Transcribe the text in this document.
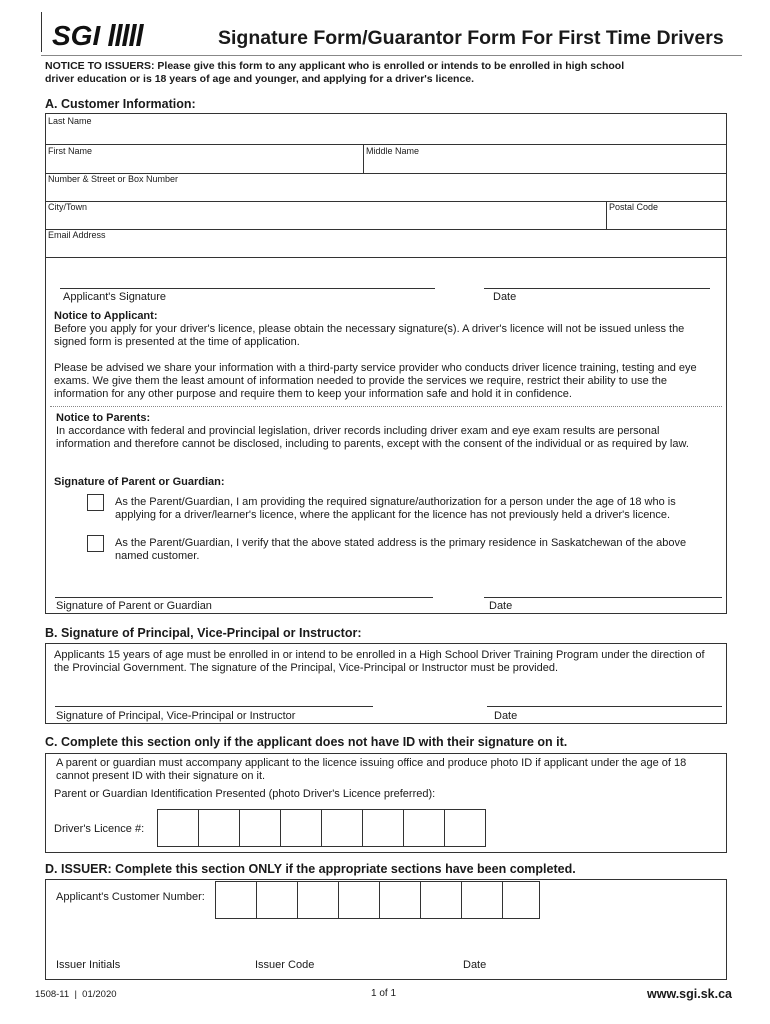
SGI	Signature Form/Guarantor Form For First Time Drivers
NOTICE TO ISSUERS: Please give this form to any applicant who is enrolled or intends to be enrolled in high school driver education or is 18 years of age and younger, and applying for a driver's licence.
A. Customer Information:
Last Name
First Name	Middle Name
Number & Street or Box Number
City/Town	Postal Code
Email Address
Applicant's Signature	Date
Notice to Applicant:
Before you apply for your driver's licence, please obtain the necessary signature(s). A driver's licence will not be issued unless the signed form is presented at the time of application.
Please be advised we share your information with a third-party service provider who conducts driver licence training, testing and eye exams. We give them the least amount of information needed to provide the services we require, restrict their ability to use the information for any other purpose and require them to keep your information safe and hold it in confidence.
Notice to Parents:
In accordance with federal and provincial legislation, driver records including driver exam and eye exam results are personal information and therefore cannot be disclosed, including to parents, except with the consent of the individual or as required by law.
Signature of Parent or Guardian:
As the Parent/Guardian, I am providing the required signature/authorization for a person under the age of 18 who is applying for a driver/learner's licence, where the applicant for the licence has not previously held a driver's licence.
As the Parent/Guardian, I verify that the above stated address is the primary residence in Saskatchewan of the above named customer.
Signature of Parent or Guardian	Date
B. Signature of Principal, Vice-Principal or Instructor:
Applicants 15 years of age must be enrolled in or intend to be enrolled in a High School Driver Training Program under the direction of the Provincial Government. The signature of the Principal, Vice-Principal or Instructor must be provided.
Signature of Principal, Vice-Principal or Instructor	Date
C. Complete this section only if the applicant does not have ID with their signature on it.
A parent or guardian must accompany applicant to the licence issuing office and produce photo ID if applicant under the age of 18 cannot present ID with their signature on it.
Parent or Guardian Identification Presented (photo Driver's Licence preferred):
Driver's Licence #:
D. ISSUER: Complete this section ONLY if the appropriate sections have been completed.
Applicant's Customer Number:
Issuer Initials	Issuer Code	Date
1508-11  |  01/2020	1 of 1	www.sgi.sk.ca
